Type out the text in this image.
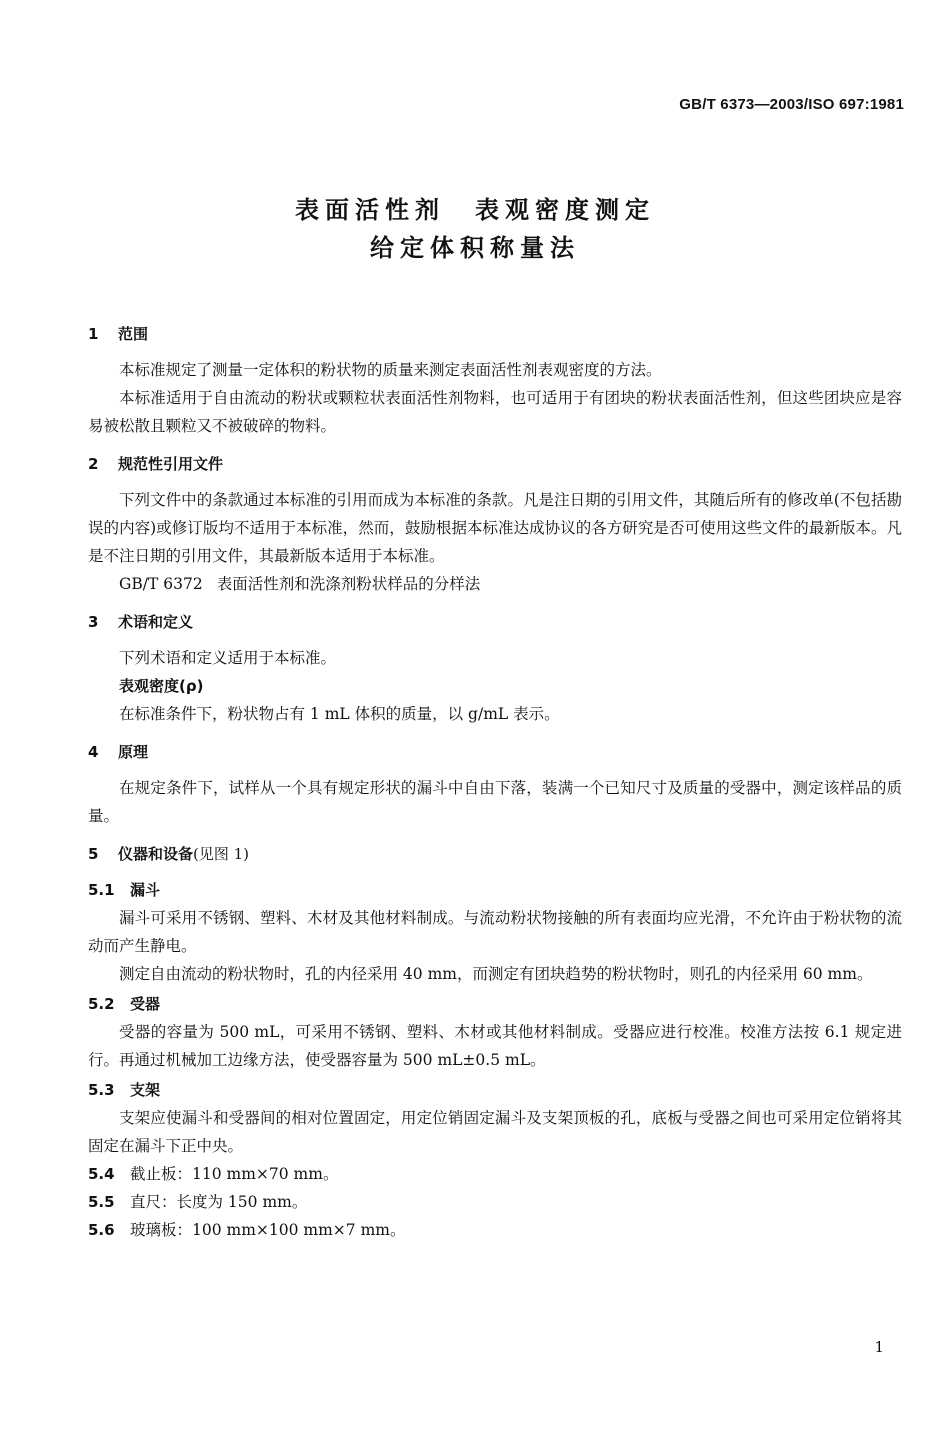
GB/T 6373—2003/ISO 697:1981
表面活性剂　表观密度测定
给定体积称量法
1 范围

本标准规定了测量一定体积的粉状物的质量来测定表面活性剂表观密度的方法。

本标准适用于自由流动的粉状或颗粒状表面活性剂物料，也可适用于有团块的粉状表面活性剂，但这些团块应是容易被松散且颗粒又不被破碎的物料。

2 规范性引用文件

下列文件中的条款通过本标准的引用而成为本标准的条款。凡是注日期的引用文件，其随后所有的修改单(不包括勘误的内容)或修订版均不适用于本标准，然而，鼓励根据本标准达成协议的各方研究是否可使用这些文件的最新版本。凡是不注日期的引用文件，其最新版本适用于本标准。

GB/T 6372 表面活性剂和洗涤剂粉状样品的分样法

3 术语和定义

下列术语和定义适用于本标准。

表观密度(ρ)

在标准条件下，粉状物占有 1 mL 体积的质量，以 g/mL 表示。

4 原理

在规定条件下，试样从一个具有规定形状的漏斗中自由下落，装满一个已知尺寸及质量的受器中，测定该样品的质量。

5 仪器和设备(见图 1)
5.1 漏斗

漏斗可采用不锈钢、塑料、木材及其他材料制成。与流动粉状物接触的所有表面均应光滑，不允许由于粉状物的流动而产生静电。

测定自由流动的粉状物时，孔的内径采用 40 mm，而测定有团块趋势的粉状物时，则孔的内径采用 60 mm。

5.2 受器

受器的容量为 500 mL，可采用不锈钢、塑料、木材或其他材料制成。受器应进行校准。校准方法按 6.1 规定进行。再通过机械加工边缘方法，使受器容量为 500 mL±0.5 mL。

5.3 支架

支架应使漏斗和受器间的相对位置固定，用定位销固定漏斗及支架顶板的孔，底板与受器之间也可采用定位销将其固定在漏斗下正中央。

5.4 截止板：110 mm×70 mm。

5.5 直尺：长度为 150 mm。

5.6 玻璃板：100 mm×100 mm×7 mm。

1
